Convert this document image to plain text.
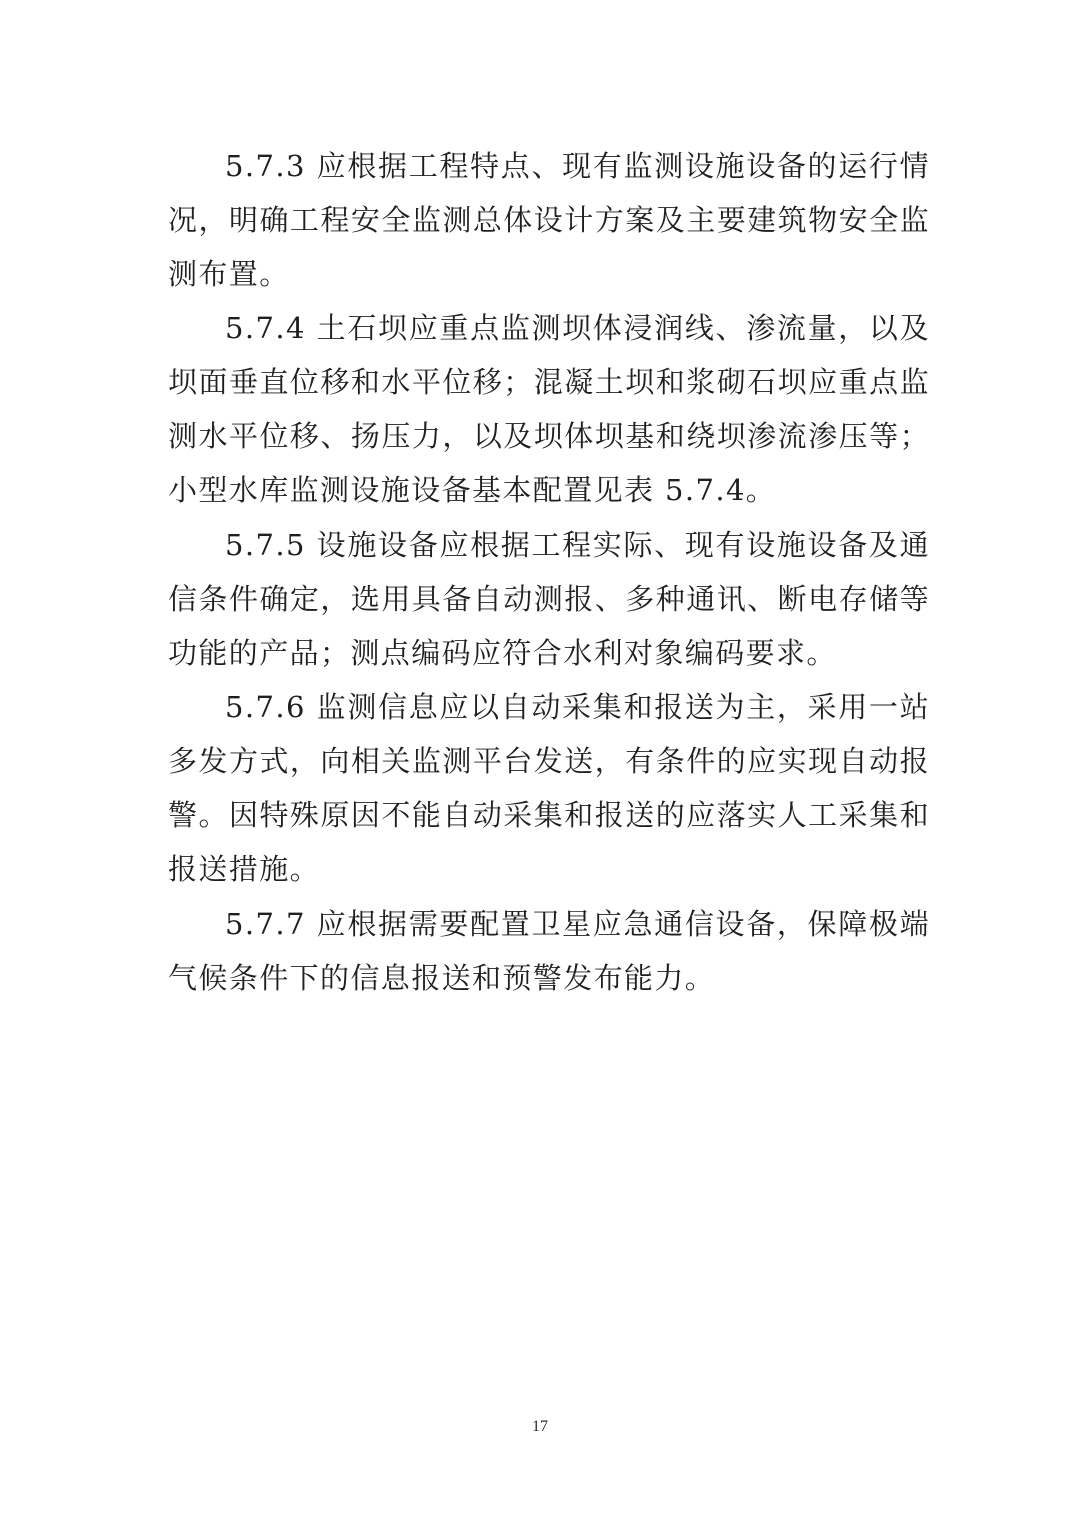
5.7.3 应根据工程特点、现有监测设施设备的运行情况，明确工程安全监测总体设计方案及主要建筑物安全监测布置。

5.7.4 土石坝应重点监测坝体浸润线、渗流量，以及坝面垂直位移和水平位移；混凝土坝和浆砌石坝应重点监测水平位移、扬压力，以及坝体坝基和绕坝渗流渗压等；小型水库监测设施设备基本配置见表 5.7.4。

5.7.5 设施设备应根据工程实际、现有设施设备及通信条件确定，选用具备自动测报、多种通讯、断电存储等功能的产品；测点编码应符合水利对象编码要求。

5.7.6 监测信息应以自动采集和报送为主，采用一站多发方式，向相关监测平台发送，有条件的应实现自动报警。因特殊原因不能自动采集和报送的应落实人工采集和报送措施。

5.7.7 应根据需要配置卫星应急通信设备，保障极端气候条件下的信息报送和预警发布能力。

17
